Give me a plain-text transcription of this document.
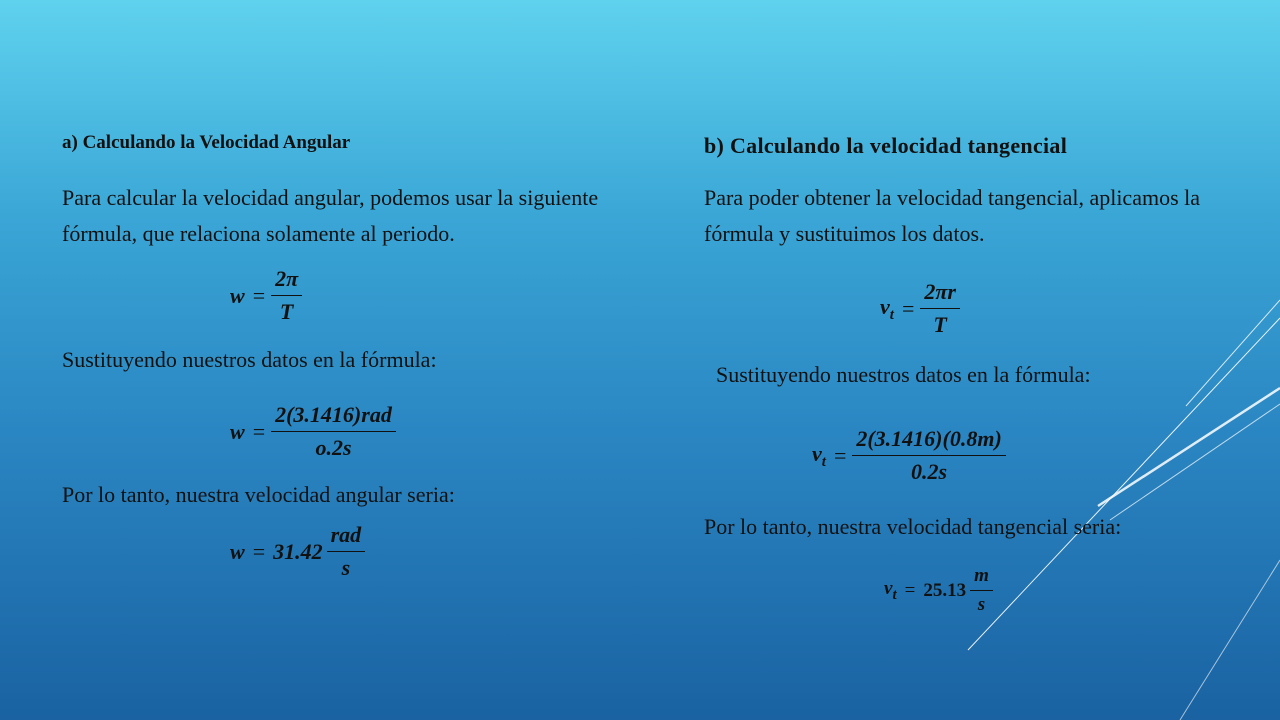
a) Calculando la Velocidad Angular
Para calcular la velocidad angular, podemos usar la siguiente fórmula, que relaciona solamente al periodo.
$w = \frac{2\pi}{T}$
Sustituyendo nuestros datos en la fórmula:
$w = \frac{\text{2(3.1416)rad}}{o.2s}$
Por lo tanto, nuestra velocidad angular seria:
$w = 31.42 \frac{\text{rad}}{s}$
b) Calculando la velocidad tangencial
Para poder obtener la velocidad tangencial, aplicamos la fórmula y sustituimos los datos.
$v_t = \frac{2\pi r}{T}$
Sustituyendo nuestros datos en la fórmula:
$v_t = \frac{2(3.1416)(0.8m)}{0.2s}$
Por lo tanto, nuestra velocidad tangencial seria:
$v_t = 25.13 \frac{m}{s}$
